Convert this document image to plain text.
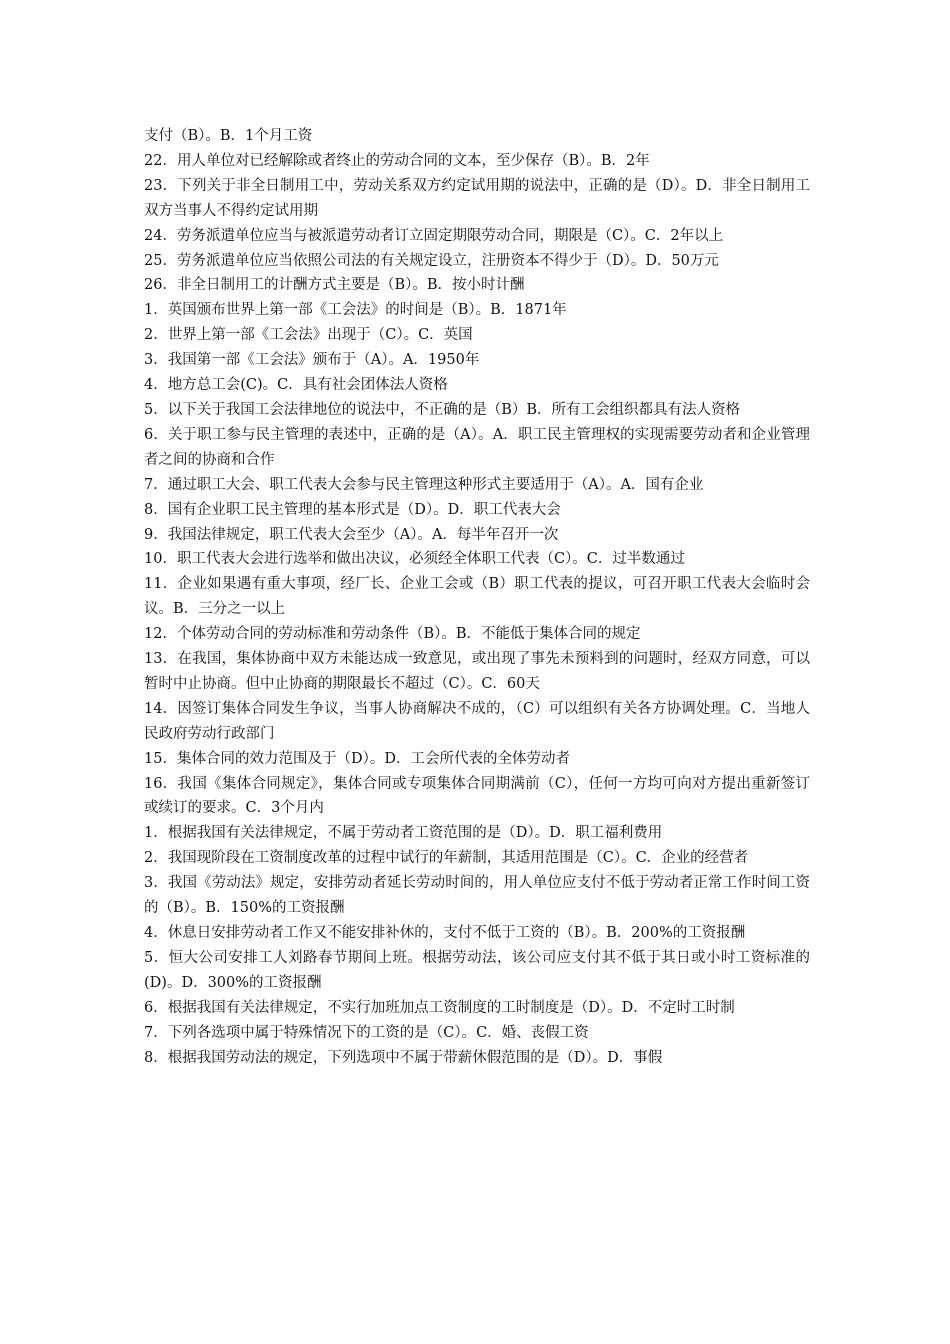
支付（B）。B．1个月工资

22．用人单位对已经解除或者终止的劳动合同的文本，至少保存（B）。B．2年

23．下列关于非全日制用工中，劳动关系双方约定试用期的说法中，正确的是（D）。D．非全日制用工双方当事人不得约定试用期

24．劳务派遣单位应当与被派遣劳动者订立固定期限劳动合同，期限是（C）。C．2年以上

25．劳务派遣单位应当依照公司法的有关规定设立，注册资本不得少于（D）。D．50万元

26．非全日制用工的计酬方式主要是（B）。B．按小时计酬

1．英国颁布世界上第一部《工会法》的时间是（B）。B．1871年

2．世界上第一部《工会法》出现于（C）。C．英国

3．我国第一部《工会法》颁布于（A）。A．1950年

4．地方总工会(C)。C．具有社会团体法人资格

5．以下关于我国工会法律地位的说法中，不正确的是（B）B．所有工会组织都具有法人资格

6．关于职工参与民主管理的表述中，正确的是（A）。A．职工民主管理权的实现需要劳动者和企业管理者之间的协商和合作

7．通过职工大会、职工代表大会参与民主管理这种形式主要适用于（A）。A．国有企业

8．国有企业职工民主管理的基本形式是（D）。D．职工代表大会

9．我国法律规定，职工代表大会至少（A）。A．每半年召开一次

10．职工代表大会进行选举和做出决议，必须经全体职工代表（C）。C．过半数通过

11．企业如果遇有重大事项，经厂长、企业工会或（B）职工代表的提议，可召开职工代表大会临时会议。B．三分之一以上

12．个体劳动合同的劳动标准和劳动条件（B）。B．不能低于集体合同的规定

13．在我国，集体协商中双方未能达成一致意见，或出现了事先未预料到的问题时，经双方同意，可以暂时中止协商。但中止协商的期限最长不超过（C）。C．60天

14．因签订集体合同发生争议，当事人协商解决不成的，（C）可以组织有关各方协调处理。C．当地人民政府劳动行政部门

15．集体合同的效力范围及于（D）。D．工会所代表的全体劳动者

16．我国《集体合同规定》，集体合同或专项集体合同期满前（C），任何一方均可向对方提出重新签订或续订的要求。C．3个月内

1．根据我国有关法律规定，不属于劳动者工资范围的是（D）。D．职工福利费用

2．我国现阶段在工资制度改革的过程中试行的年薪制，其适用范围是（C）。C．企业的经营者

3．我国《劳动法》规定，安排劳动者延长劳动时间的，用人单位应支付不低于劳动者正常工作时间工资的（B）。B．150%的工资报酬

4．休息日安排劳动者工作又不能安排补休的，支付不低于工资的（B）。B．200%的工资报酬

5．恒大公司安排工人刘路春节期间上班。根据劳动法，该公司应支付其不低于其日或小时工资标准的 (D)。D．300%的工资报酬

6．根据我国有关法律规定，不实行加班加点工资制度的工时制度是（D）。D．不定时工时制

7．下列各选项中属于特殊情况下的工资的是（C）。C．婚、丧假工资

8．根据我国劳动法的规定，下列选项中不属于带薪休假范围的是（D）。D．事假
